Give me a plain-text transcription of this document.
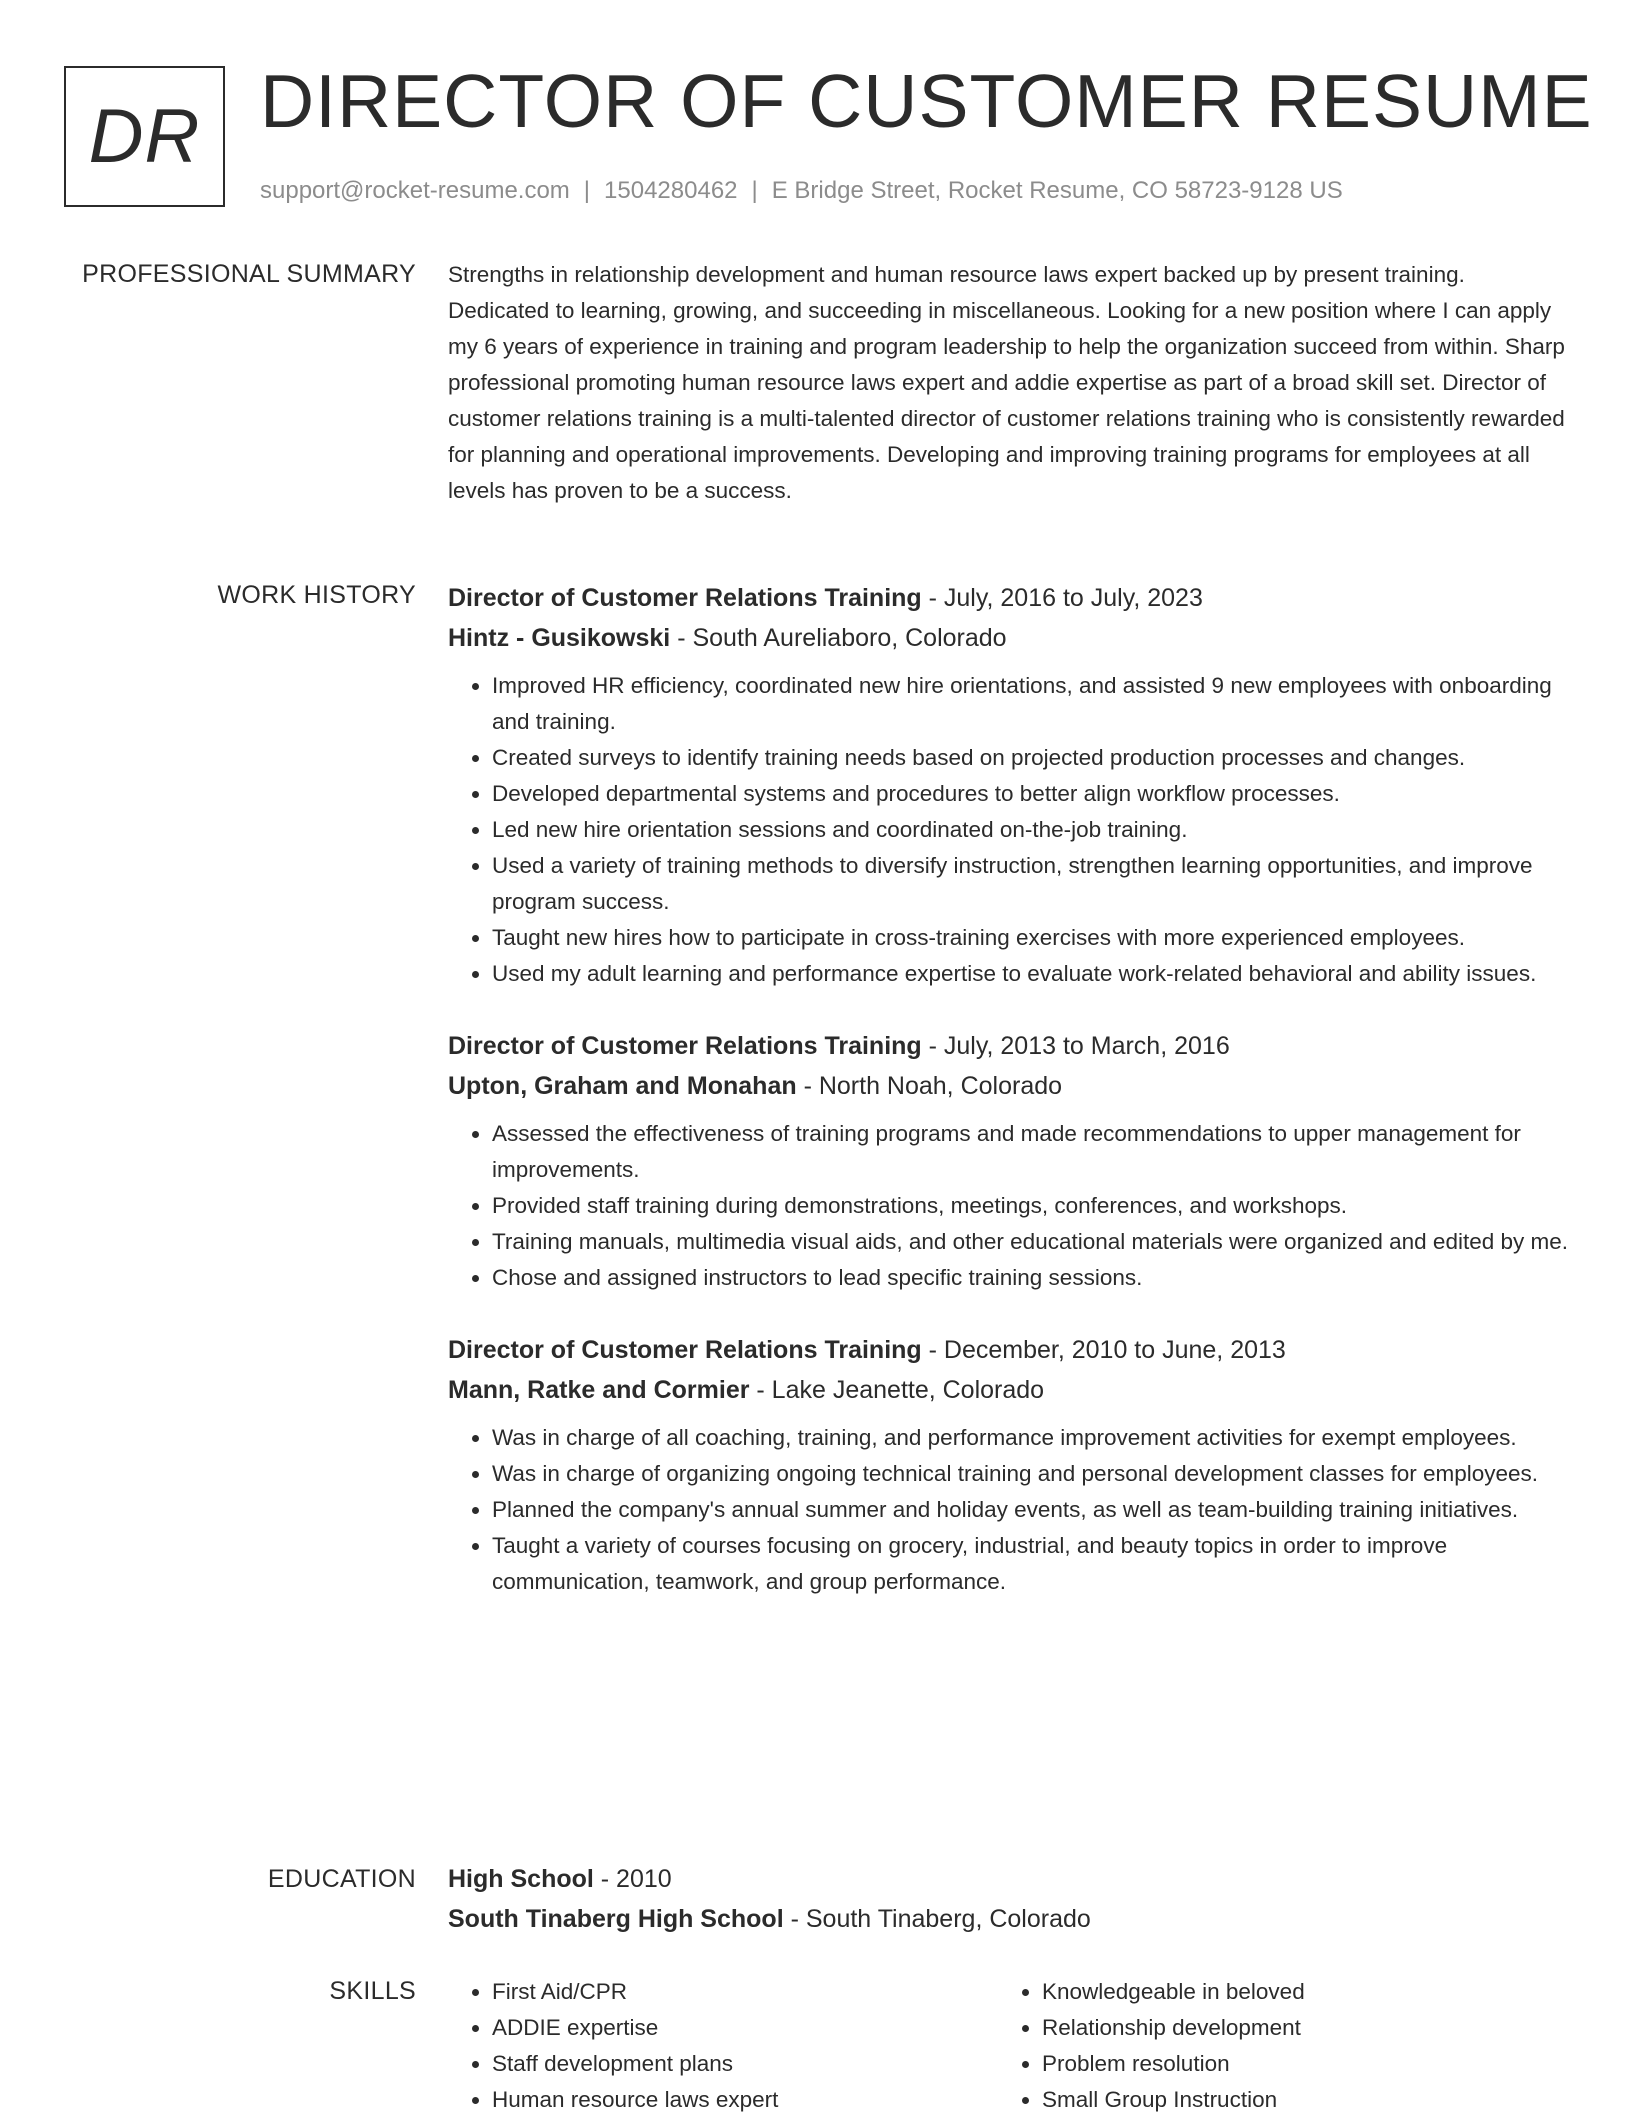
DR DIRECTOR OF CUSTOMER RESUME
support@rocket-resume.com | 1504280462 | E Bridge Street, Rocket Resume, CO 58723-9128 US
PROFESSIONAL SUMMARY Strengths in relationship development and human resource laws expert backed up by present training. Dedicated to learning, growing, and succeeding in miscellaneous. Looking for a new position where I can apply my 6 years of experience in training and program leadership to help the organization succeed from within. Sharp professional promoting human resource laws expert and addie expertise as part of a broad skill set. Director of customer relations training is a multi-talented director of customer relations training who is consistently rewarded for planning and operational improvements. Developing and improving training programs for employees at all levels has proven to be a success.

WORK HISTORY Director of Customer Relations Training - July, 2016 to July, 2023
Hintz - Gusikowski - South Aureliaboro, Colorado
• Improved HR efficiency, coordinated new hire orientations, and assisted 9 new employees with onboarding and training.
• Created surveys to identify training needs based on projected production processes and changes.
• Developed departmental systems and procedures to better align workflow processes.
• Led new hire orientation sessions and coordinated on-the-job training.
• Used a variety of training methods to diversify instruction, strengthen learning opportunities, and improve program success.
• Taught new hires how to participate in cross-training exercises with more experienced employees.
• Used my adult learning and performance expertise to evaluate work-related behavioral and ability issues.
Director of Customer Relations Training - July, 2013 to March, 2016
Upton, Graham and Monahan - North Noah, Colorado
• Assessed the effectiveness of training programs and made recommendations to upper management for improvements.
• Provided staff training during demonstrations, meetings, conferences, and workshops.
• Training manuals, multimedia visual aids, and other educational materials were organized and edited by me.
• Chose and assigned instructors to lead specific training sessions.
Director of Customer Relations Training - December, 2010 to June, 2013
Mann, Ratke and Cormier - Lake Jeanette, Colorado
• Was in charge of all coaching, training, and performance improvement activities for exempt employees.
• Was in charge of organizing ongoing technical training and personal development classes for employees.
• Planned the company's annual summer and holiday events, as well as team-building training initiatives.
• Taught a variety of courses focusing on grocery, industrial, and beauty topics in order to improve communication, teamwork, and group performance.
EDUCATION High School - 2010
South Tinaberg High School - South Tinaberg, Colorado
SKILLS
•	First Aid/CPR
• ADDIE expertise
• Staff development plans
• Human resource laws expert
• Knowledgeable in beloved
• Relationship development
• Problem resolution
• Small Group Instruction
